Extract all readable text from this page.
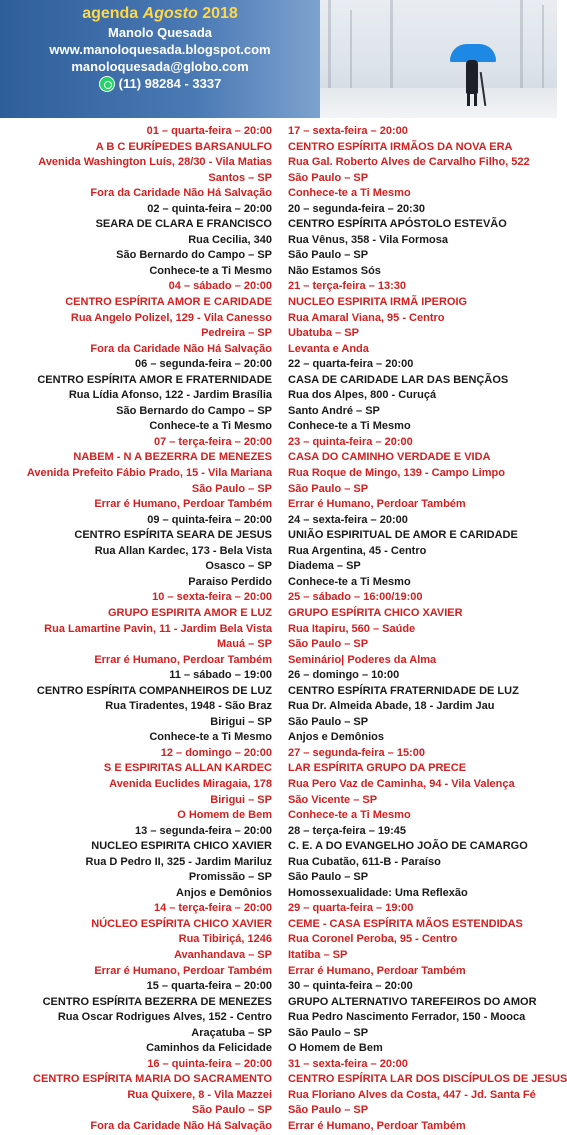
agenda Agosto 2018
Manolo Quesada
www.manoloquesada.blogspot.com
manoloquesada@globo.com
(11) 98284 - 3337
01 – quarta-feira – 20:00
A B C EURÍPEDES BARSANULFO
Avenida Washington Luís, 28/30 - Vila Matias
Santos – SP
Fora da Caridade Não Há Salvação
02 – quinta-feira – 20:00
SEARA DE CLARA E FRANCISCO
Rua Cecilia, 340
São Bernardo do Campo – SP
Conhece-te a Ti Mesmo
04 – sábado – 20:00
CENTRO ESPÍRITA AMOR E CARIDADE
Rua Angelo Polizel, 129 - Vila Canesso
Pedreira – SP
Fora da Caridade Não Há Salvação
06 – segunda-feira – 20:00
CENTRO ESPÍRITA AMOR E FRATERNIDADE
Rua Lídia Afonso, 122 - Jardim Brasília
São Bernardo do Campo – SP
Conhece-te a Ti Mesmo
07 – terça-feira – 20:00
NABEM - N A BEZERRA DE MENEZES
Avenida Prefeito Fábio Prado, 15 - Vila Mariana
São Paulo – SP
Errar é Humano, Perdoar Também
09 – quinta-feira – 20:00
CENTRO ESPÍRITA SEARA DE JESUS
Rua Allan Kardec, 173 - Bela Vista
Osasco – SP
Paraiso Perdido
10 – sexta-feira – 20:00
GRUPO ESPIRITA AMOR E LUZ
Rua Lamartine Pavin, 11 - Jardim Bela Vista
Mauá – SP
Errar é Humano, Perdoar Também
11 – sábado – 19:00
CENTRO ESPÍRITA COMPANHEIROS DE LUZ
Rua Tiradentes, 1948 - São Braz
Birigui – SP
Conhece-te a Ti Mesmo
12 – domingo – 20:00
S E ESPIRITAS ALLAN KARDEC
Avenida Euclides Miragaia, 178
Birigui – SP
O Homem de Bem
13 – segunda-feira – 20:00
NUCLEO ESPIRITA CHICO XAVIER
Rua D Pedro II, 325 - Jardim Mariluz
Promissão – SP
Anjos e Demônios
14 – terça-feira – 20:00
NÚCLEO ESPÍRITA CHICO XAVIER
Rua Tibiriçá, 1246
Avanhandava – SP
Errar é Humano, Perdoar Também
15 – quarta-feira – 20:00
CENTRO ESPÍRITA BEZERRA DE MENEZES
Rua Oscar Rodrigues Alves, 152 - Centro
Araçatuba – SP
Caminhos da Felicidade
16 – quinta-feira – 20:00
CENTRO ESPÍRITA MARIA DO SACRAMENTO
Rua Quixere, 8 - Vila Mazzei
São Paulo – SP
Fora da Caridade Não Há Salvação
17 – sexta-feira – 20:00
CENTRO ESPÍRITA IRMÃOS DA NOVA ERA
Rua Gal. Roberto Alves de Carvalho Filho, 522
São Paulo – SP
Conhece-te a Ti Mesmo
20 – segunda-feira – 20:30
CENTRO ESPÍRITA APÓSTOLO ESTEVÃO
Rua Vênus, 358 - Vila Formosa
São Paulo – SP
Não Estamos Sós
21 – terça-feira – 13:30
NUCLEO ESPIRITA IRMÃ IPEROIG
Rua Amaral Viana, 95 - Centro
Ubatuba – SP
Levanta e Anda
22 – quarta-feira – 20:00
CASA DE CARIDADE LAR DAS BENÇÃOS
Rua dos Alpes, 800 - Curuçá
Santo André – SP
Conhece-te a Ti Mesmo
23 – quinta-feira – 20:00
CASA DO CAMINHO VERDADE E VIDA
Rua Roque de Mingo, 139 - Campo Limpo
São Paulo – SP
Errar é Humano, Perdoar Também
24 – sexta-feira – 20:00
UNIÃO ESPIRITUAL DE AMOR E CARIDADE
Rua Argentina, 45 - Centro
Diadema – SP
Conhece-te a Ti Mesmo
25 – sábado – 16:00/19:00
GRUPO ESPÍRITA CHICO XAVIER
Rua Itapiru, 560 – Saúde
São Paulo – SP
Seminário| Poderes da Alma
26 – domingo – 10:00
CENTRO ESPÍRITA FRATERNIDADE DE LUZ
Rua Dr. Almeida Abade, 18 - Jardim Jau
São Paulo – SP
Anjos e Demônios
27 – segunda-feira – 15:00
LAR ESPÍRITA GRUPO DA PRECE
Rua Pero Vaz de Caminha, 94 - Vila Valença
São Vicente – SP
Conhece-te a Ti Mesmo
28 – terça-feira – 19:45
C. E. A DO EVANGELHO JOÃO DE CAMARGO
Rua Cubatão, 611-B - Paraíso
São Paulo – SP
Homossexualidade: Uma Reflexão
29 – quarta-feira – 19:00
CEME - CASA ESPÍRITA MÃOS ESTENDIDAS
Rua Coronel Peroba, 95 - Centro
Itatiba – SP
Errar é Humano, Perdoar Também
30 – quinta-feira – 20:00
GRUPO ALTERNATIVO TAREFEIROS DO AMOR
Rua Pedro Nascimento Ferrador, 150 - Mooca
São Paulo – SP
O Homem de Bem
31 – sexta-feira – 20:00
CENTRO ESPÍRITA LAR DOS DISCÍPULOS DE JESUS
Rua Floriano Alves da Costa, 447 - Jd. Santa Fé
São Paulo – SP
Errar é Humano, Perdoar Também
